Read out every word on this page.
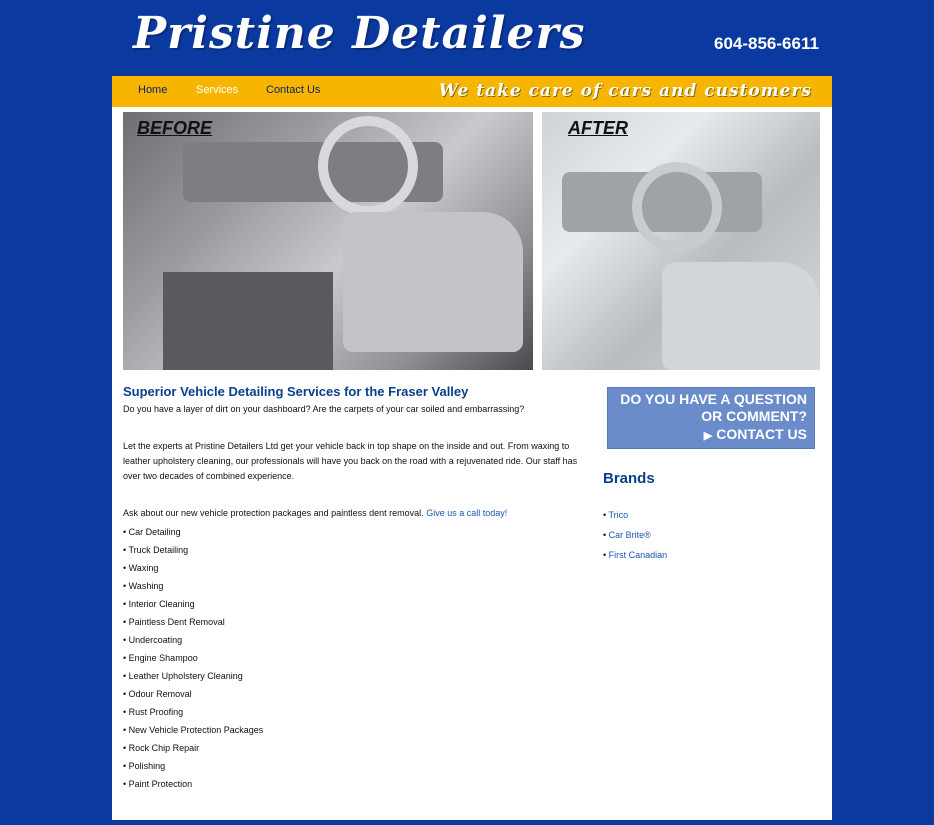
Pristine Detailers	604-856-6611
Home	Services	Contact Us	We take care of cars and customers
BEFORE	AFTER
Superior Vehicle Detailing Services for the Fraser Valley

Do you have a layer of dirt on your dashboard? Are the carpets of your car soiled and embarrassing?

Let the experts at Pristine Detailers Ltd get your vehicle back in top shape on the inside and out. From waxing to leather upholstery cleaning, our professionals will have you back on the road with a rejuvenated ride. Our staff has over two decades of combined experience.

Ask about our new vehicle protection packages and paintless dent removal. Give us a call today!

• Car Detailing
• Truck Detailing
• Waxing
• Washing
• Interior Cleaning
• Paintless Dent Removal
• Undercoating
• Engine Shampoo
• Leather Upholstery Cleaning
• Odour Removal
• Rust Proofing
• New Vehicle Protection Packages
• Rock Chip Repair
• Polishing
• Paint Protection
DO YOU HAVE A QUESTION
OR COMMENT?
▶ CONTACT US
Brands
• Trico
• Car Brite®
• First Canadian
